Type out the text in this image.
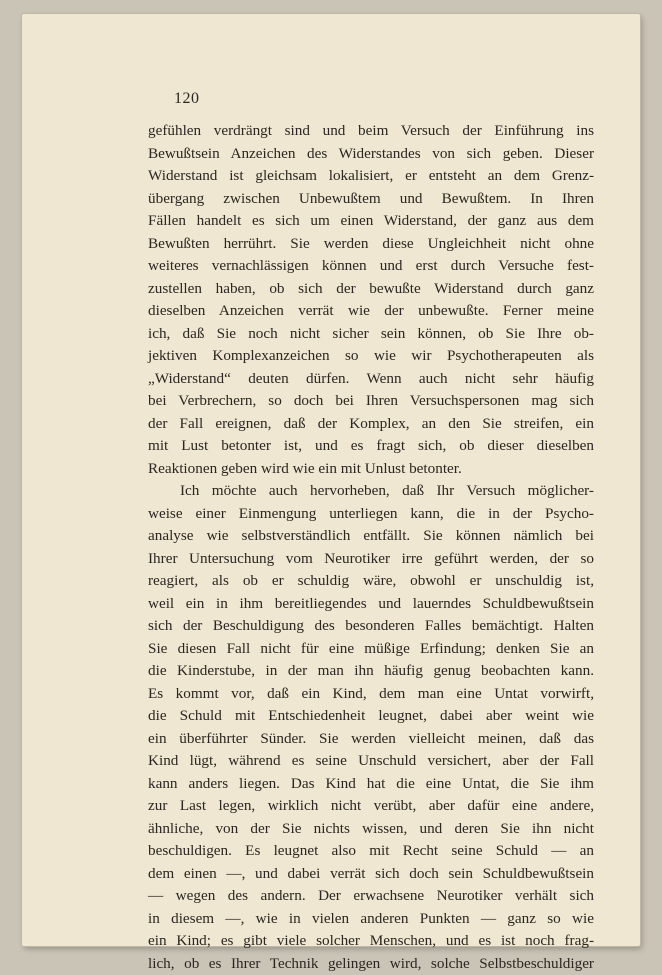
120
gefühlen verdrängt sind und beim Versuch der Einführung ins
Bewußtsein Anzeichen des Widerstandes von sich geben. Dieser
Widerstand ist gleichsam lokalisiert, er entsteht an dem Grenz-
übergang zwischen Unbewußtem und Bewußtem. In Ihren
Fällen handelt es sich um einen Widerstand, der ganz aus dem
Bewußten herrührt. Sie werden diese Ungleichheit nicht ohne
weiteres vernachlässigen können und erst durch Versuche fest-
zustellen haben, ob sich der bewußte Widerstand durch ganz
dieselben Anzeichen verrät wie der unbewußte. Ferner meine
ich, daß Sie noch nicht sicher sein können, ob Sie Ihre ob-
jektiven Komplexanzeichen so wie wir Psychotherapeuten als
„Widerstand“ deuten dürfen. Wenn auch nicht sehr häufig
bei Verbrechern, so doch bei Ihren Versuchspersonen mag sich
der Fall ereignen, daß der Komplex, an den Sie streifen, ein
mit Lust betonter ist, und es fragt sich, ob dieser dieselben
Reaktionen geben wird wie ein mit Unlust betonter.
Ich möchte auch hervorheben, daß Ihr Versuch möglicher-
weise einer Einmengung unterliegen kann, die in der Psycho-
analyse wie selbstverständlich entfällt. Sie können nämlich bei
Ihrer Untersuchung vom Neurotiker irre geführt werden, der so
reagiert, als ob er schuldig wäre, obwohl er unschuldig ist,
weil ein in ihm bereitliegendes und lauerndes Schuldbewußtsein
sich der Beschuldigung des besonderen Falles bemächtigt. Halten
Sie diesen Fall nicht für eine müßige Erfindung; denken Sie an
die Kinderstube, in der man ihn häufig genug beobachten kann.
Es kommt vor, daß ein Kind, dem man eine Untat vorwirft,
die Schuld mit Entschiedenheit leugnet, dabei aber weint wie
ein überführter Sünder. Sie werden vielleicht meinen, daß das
Kind lügt, während es seine Unschuld versichert, aber der Fall
kann anders liegen. Das Kind hat die eine Untat, die Sie ihm
zur Last legen, wirklich nicht verübt, aber dafür eine andere,
ähnliche, von der Sie nichts wissen, und deren Sie ihn nicht
beschuldigen. Es leugnet also mit Recht seine Schuld — an
dem einen —, und dabei verrät sich doch sein Schuldbewußtsein
— wegen des andern. Der erwachsene Neurotiker verhält sich
in diesem —, wie in vielen anderen Punkten — ganz so wie
ein Kind; es gibt viele solcher Menschen, und es ist noch frag-
lich, ob es Ihrer Technik gelingen wird, solche Selbstbeschuldiger
